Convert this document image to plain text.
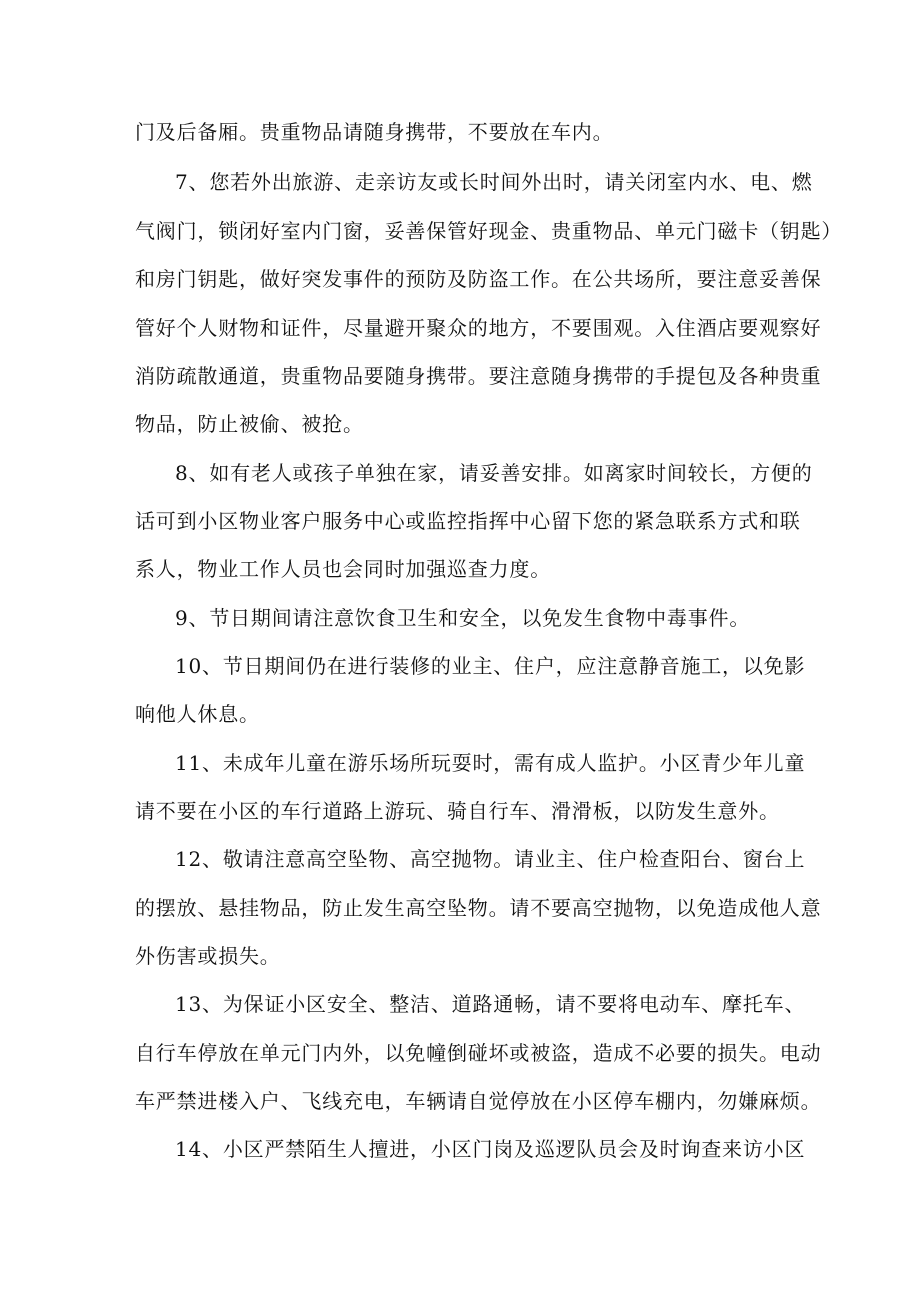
门及后备厢。贵重物品请随身携带，不要放在车内。
7、您若外出旅游、走亲访友或长时间外出时，请关闭室内水、电、燃
气阀门，锁闭好室内门窗，妥善保管好现金、贵重物品、单元门磁卡（钥匙）
和房门钥匙，做好突发事件的预防及防盗工作。在公共场所，要注意妥善保
管好个人财物和证件，尽量避开聚众的地方，不要围观。入住酒店要观察好
消防疏散通道，贵重物品要随身携带。要注意随身携带的手提包及各种贵重
物品，防止被偷、被抢。
8、如有老人或孩子单独在家，请妥善安排。如离家时间较长，方便的
话可到小区物业客户服务中心或监控指挥中心留下您的紧急联系方式和联
系人，物业工作人员也会同时加强巡查力度。
9、节日期间请注意饮食卫生和安全，以免发生食物中毒事件。
10、节日期间仍在进行装修的业主、住户，应注意静音施工，以免影
响他人休息。
11、未成年儿童在游乐场所玩耍时，需有成人监护。小区青少年儿童
请不要在小区的车行道路上游玩、骑自行车、滑滑板，以防发生意外。
12、敬请注意高空坠物、高空抛物。请业主、住户检查阳台、窗台上
的摆放、悬挂物品，防止发生高空坠物。请不要高空抛物，以免造成他人意
外伤害或损失。
13、为保证小区安全、整洁、道路通畅，请不要将电动车、摩托车、
自行车停放在单元门内外，以免幢倒碰坏或被盗，造成不必要的损失。电动
车严禁进楼入户、飞线充电，车辆请自觉停放在小区停车棚内，勿嫌麻烦。
14、小区严禁陌生人擅进，小区门岗及巡逻队员会及时询查来访小区
